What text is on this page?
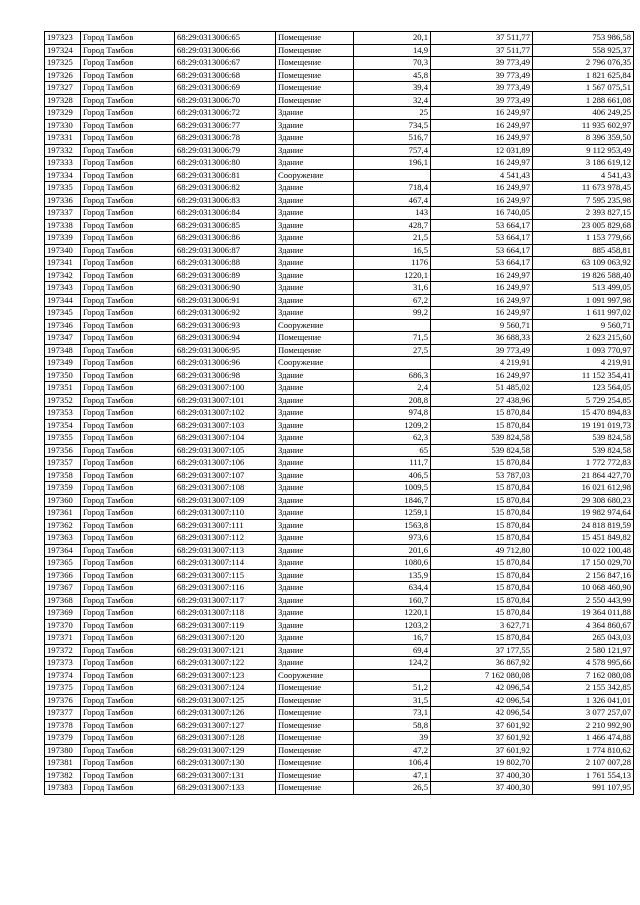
197323	Город Тамбов	68:29:0313006:65	Помещение	20,1	37 511,77	753 986,58
197324	Город Тамбов	68:29:0313006:66	Помещение	14,9	37 511,77	558 925,37
197325	Город Тамбов	68:29:0313006:67	Помещение	70,3	39 773,49	2 796 076,35
197326	Город Тамбов	68:29:0313006:68	Помещение	45,8	39 773,49	1 821 625,84
197327	Город Тамбов	68:29:0313006:69	Помещение	39,4	39 773,49	1 567 075,51
197328	Город Тамбов	68:29:0313006:70	Помещение	32,4	39 773,49	1 288 661,08
197329	Город Тамбов	68:29:0313006:72	Здание	25	16 249,97	406 249,25
197330	Город Тамбов	68:29:0313006:77	Здание	734,5	16 249,97	11 935 602,97
197331	Город Тамбов	68:29:0313006:78	Здание	516,7	16 249,97	8 396 359,50
197332	Город Тамбов	68:29:0313006:79	Здание	757,4	12 031,89	9 112 953,49
197333	Город Тамбов	68:29:0313006:80	Здание	196,1	16 249,97	3 186 619,12
197334	Город Тамбов	68:29:0313006:81	Сооружение		4 541,43	4 541,43
197335	Город Тамбов	68:29:0313006:82	Здание	718,4	16 249,97	11 673 978,45
197336	Город Тамбов	68:29:0313006:83	Здание	467,4	16 249,97	7 595 235,98
197337	Город Тамбов	68:29:0313006:84	Здание	143	16 740,05	2 393 827,15
197338	Город Тамбов	68:29:0313006:85	Здание	428,7	53 664,17	23 005 829,68
197339	Город Тамбов	68:29:0313006:86	Здание	21,5	53 664,17	1 153 779,66
197340	Город Тамбов	68:29:0313006:87	Здание	16,5	53 664,17	885 458,81
197341	Город Тамбов	68:29:0313006:88	Здание	1176	53 664,17	63 109 063,92
197342	Город Тамбов	68:29:0313006:89	Здание	1220,1	16 249,97	19 826 588,40
197343	Город Тамбов	68:29:0313006:90	Здание	31,6	16 249,97	513 499,05
197344	Город Тамбов	68:29:0313006:91	Здание	67,2	16 249,97	1 091 997,98
197345	Город Тамбов	68:29:0313006:92	Здание	99,2	16 249,97	1 611 997,02
197346	Город Тамбов	68:29:0313006:93	Сооружение		9 560,71	9 560,71
197347	Город Тамбов	68:29:0313006:94	Помещение	71,5	36 688,33	2 623 215,60
197348	Город Тамбов	68:29:0313006:95	Помещение	27,5	39 773,49	1 093 770,97
197349	Город Тамбов	68:29:0313006:96	Сооружение		4 219,91	4 219,91
197350	Город Тамбов	68:29:0313006:98	Здание	686,3	16 249,97	11 152 354,41
197351	Город Тамбов	68:29:0313007:100	Здание	2,4	51 485,02	123 564,05
197352	Город Тамбов	68:29:0313007:101	Здание	208,8	27 438,96	5 729 254,85
197353	Город Тамбов	68:29:0313007:102	Здание	974,8	15 870,84	15 470 894,83
197354	Город Тамбов	68:29:0313007:103	Здание	1209,2	15 870,84	19 191 019,73
197355	Город Тамбов	68:29:0313007:104	Здание	62,3	539 824,58	539 824,58
197356	Город Тамбов	68:29:0313007:105	Здание	65	539 824,58	539 824,58
197357	Город Тамбов	68:29:0313007:106	Здание	111,7	15 870,84	1 772 772,83
197358	Город Тамбов	68:29:0313007:107	Здание	406,5	53 787,03	21 864 427,70
197359	Город Тамбов	68:29:0313007:108	Здание	1009,5	15 870,84	16 021 612,98
197360	Город Тамбов	68:29:0313007:109	Здание	1846,7	15 870,84	29 308 680,23
197361	Город Тамбов	68:29:0313007:110	Здание	1259,1	15 870,84	19 982 974,64
197362	Город Тамбов	68:29:0313007:111	Здание	1563,8	15 870,84	24 818 819,59
197363	Город Тамбов	68:29:0313007:112	Здание	973,6	15 870,84	15 451 849,82
197364	Город Тамбов	68:29:0313007:113	Здание	201,6	49 712,80	10 022 100,48
197365	Город Тамбов	68:29:0313007:114	Здание	1080,6	15 870,84	17 150 029,70
197366	Город Тамбов	68:29:0313007:115	Здание	135,9	15 870,84	2 156 847,16
197367	Город Тамбов	68:29:0313007:116	Здание	634,4	15 870,84	10 068 460,90
197368	Город Тамбов	68:29:0313007:117	Здание	160,7	15 870,84	2 550 443,99
197369	Город Тамбов	68:29:0313007:118	Здание	1220,1	15 870,84	19 364 011,88
197370	Город Тамбов	68:29:0313007:119	Здание	1203,2	3 627,71	4 364 860,67
197371	Город Тамбов	68:29:0313007:120	Здание	16,7	15 870,84	265 043,03
197372	Город Тамбов	68:29:0313007:121	Здание	69,4	37 177,55	2 580 121,97
197373	Город Тамбов	68:29:0313007:122	Здание	124,2	36 867,92	4 578 995,66
197374	Город Тамбов	68:29:0313007:123	Сооружение		7 162 080,08	7 162 080,08
197375	Город Тамбов	68:29:0313007:124	Помещение	51,2	42 096,54	2 155 342,85
197376	Город Тамбов	68:29:0313007:125	Помещение	31,5	42 096,54	1 326 041,01
197377	Город Тамбов	68:29:0313007:126	Помещение	73,1	42 096,54	3 077 257,07
197378	Город Тамбов	68:29:0313007:127	Помещение	58,8	37 601,92	2 210 992,90
197379	Город Тамбов	68:29:0313007:128	Помещение	39	37 601,92	1 466 474,88
197380	Город Тамбов	68:29:0313007:129	Помещение	47,2	37 601,92	1 774 810,62
197381	Город Тамбов	68:29:0313007:130	Помещение	106,4	19 802,70	2 107 007,28
197382	Город Тамбов	68:29:0313007:131	Помещение	47,1	37 400,30	1 761 554,13
197383	Город Тамбов	68:29:0313007:133	Помещение	26,5	37 400,30	991 107,95
